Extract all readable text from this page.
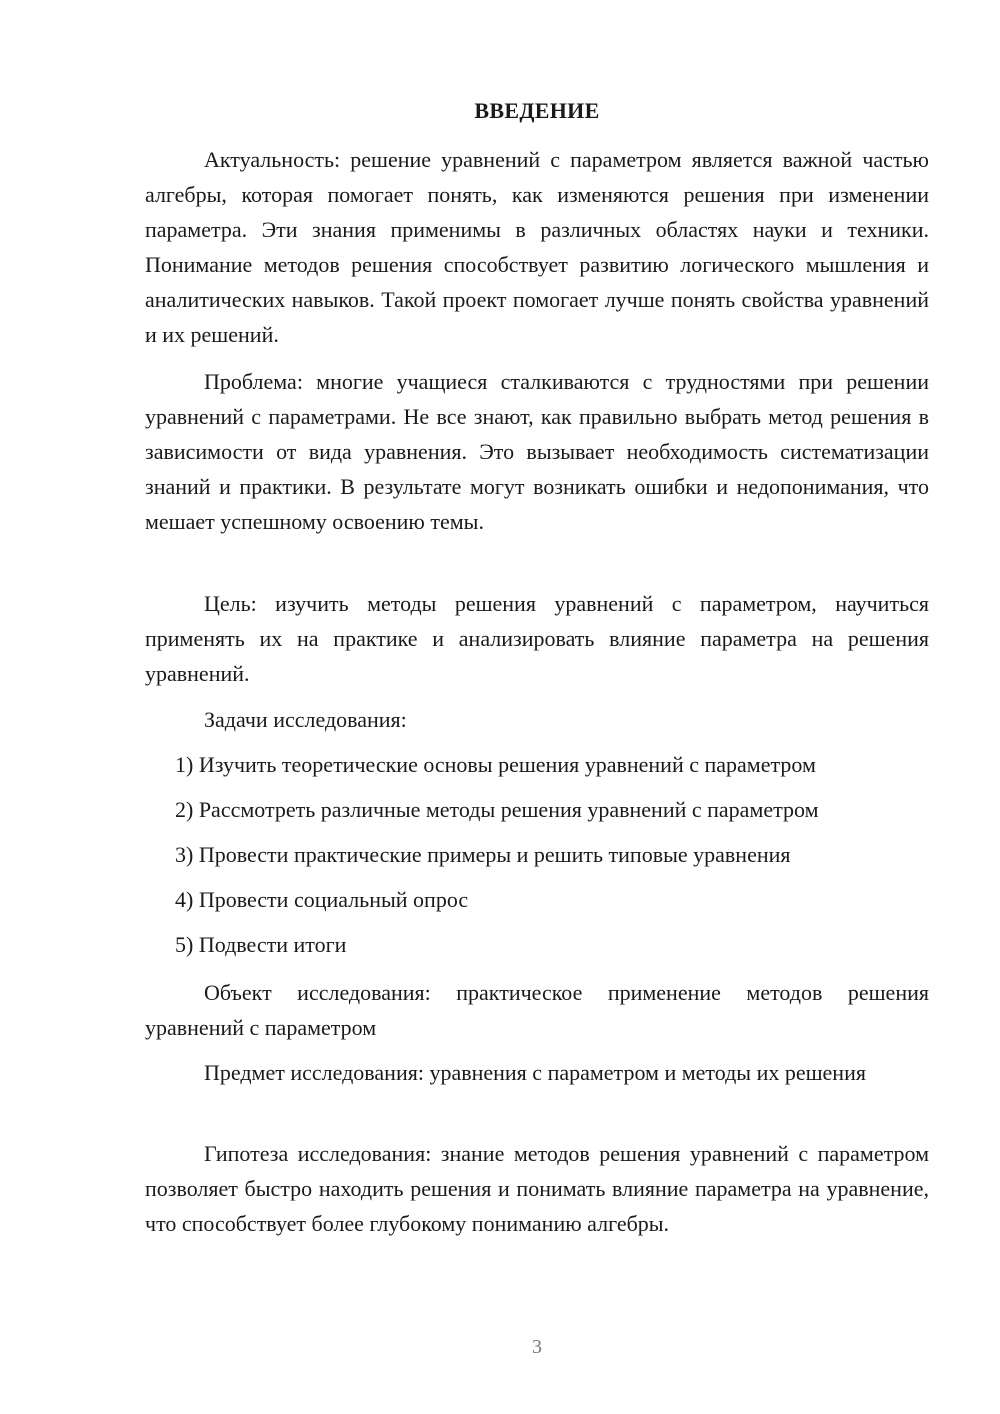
ВВЕДЕНИЕ

Актуальность: решение уравнений с параметром является важной частью алгебры, которая помогает понять, как изменяются решения при изменении параметра. Эти знания применимы в различных областях науки и техники. Понимание методов решения способствует развитию логического мышления и аналитических навыков. Такой проект помогает лучше понять свойства уравнений и их решений.

Проблема: многие учащиеся сталкиваются с трудностями при решении уравнений с параметрами. Не все знают, как правильно выбрать метод решения в зависимости от вида уравнения. Это вызывает необходимость систематизации знаний и практики. В результате могут возникать ошибки и недопонимания, что мешает успешному освоению темы.

Цель: изучить методы решения уравнений с параметром, научиться применять их на практике и анализировать влияние параметра на решения уравнений.

Задачи исследования:

1) Изучить теоретические основы решения уравнений с параметром

2) Рассмотреть различные методы решения уравнений с параметром

3) Провести практические примеры и решить типовые уравнения

4) Провести социальный опрос

5) Подвести итоги

Объект исследования: практическое применение методов решения уравнений с параметром

Предмет исследования: уравнения с параметром и методы их решения

Гипотеза исследования: знание методов решения уравнений с параметром позволяет быстро находить решения и понимать влияние параметра на уравнение, что способствует более глубокому пониманию алгебры.

3
